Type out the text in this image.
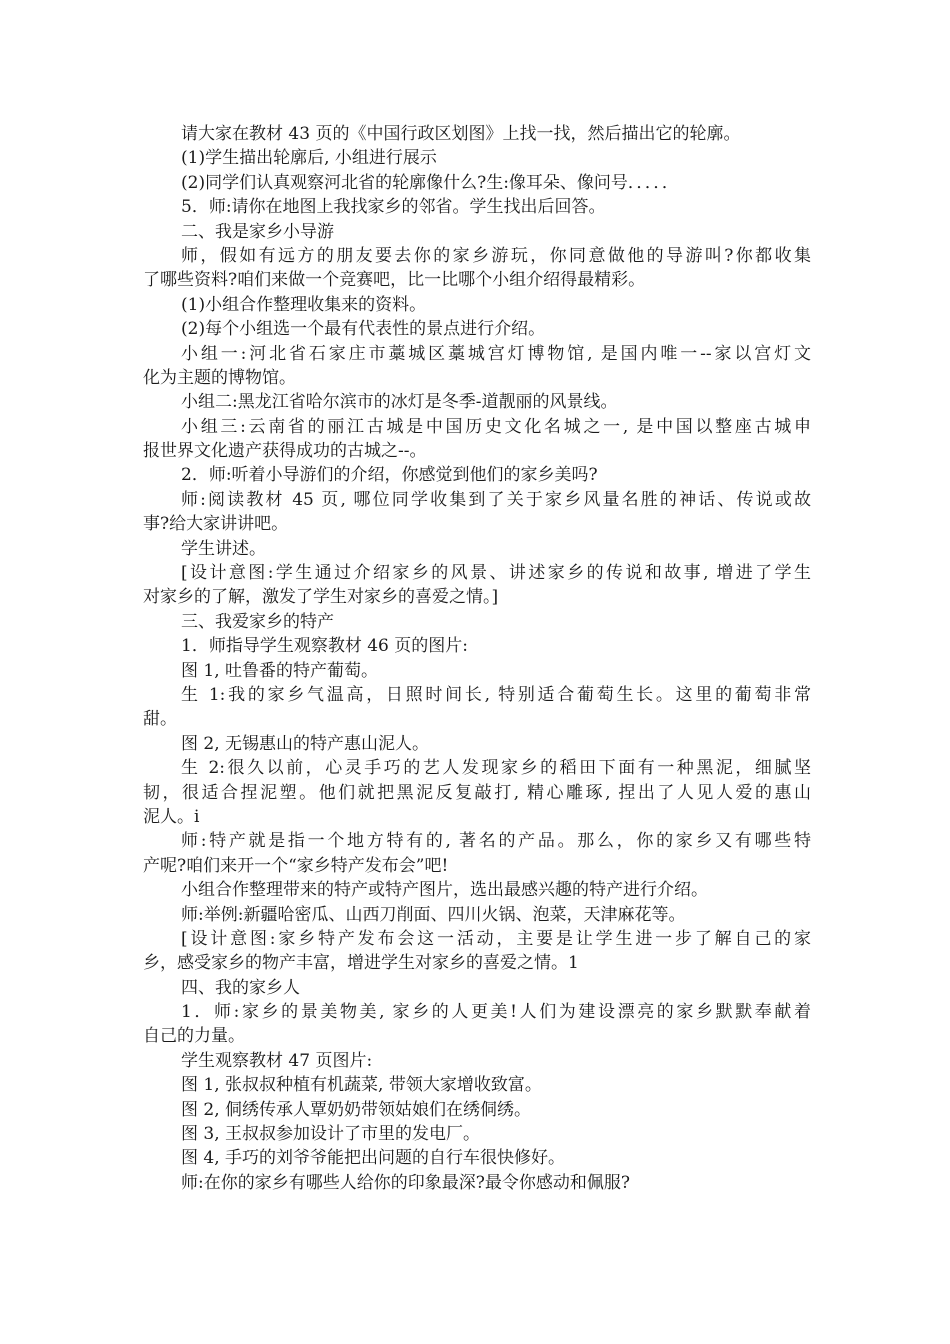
请大家在教材 43 页的《中国行政区划图》上找一找，然后描出它的轮廓。
(1)学生描出轮廓后, 小组进行展示
(2)同学们认真观察河北省的轮廓像什么?生:像耳朵、像问号．．．．．
5．师:请你在地图上我找家乡的邻省。学生找出后回答。
二、我是家乡小导游
师，假如有远方的朋友要去你的家乡游玩，你同意做他的导游叫?你都收集
了哪些资料?咱们来做一个竞赛吧，比一比哪个小组介绍得最精彩。
(1)小组合作整理收集来的资料。
(2)每个小组选一个最有代表性的景点进行介绍。
小组一:河北省石家庄市藁城区藁城宫灯博物馆, 是国内唯一--家以宫灯文
化为主题的博物馆。
小组二:黑龙江省哈尔滨市的冰灯是冬季-道靓丽的风景线。
小组三:云南省的丽江古城是中国历史文化名城之一, 是中国以整座古城申
报世界文化遗产获得成功的古城之--。
2．师:听着小导游们的介绍，你感觉到他们的家乡美吗?
师:阅读教材 45 页, 哪位同学收集到了关于家乡风量名胜的神话、传说或故
事?给大家讲讲吧。
学生讲述。
[设计意图:学生通过介绍家乡的风景、讲述家乡的传说和故事, 增进了学生
对家乡的了解，激发了学生对家乡的喜爱之情。]
三、我爱家乡的特产
1．师指导学生观察教材 46 页的图片:
图 1, 吐鲁番的特产葡萄。
生 1:我的家乡气温高，日照时间长, 特别适合葡萄生长。这里的葡萄非常
甜。
图 2, 无锡惠山的特产惠山泥人。
生 2:很久以前，心灵手巧的艺人发现家乡的稻田下面有一种黑泥，细腻坚
韧，很适合捏泥塑。他们就把黑泥反复敲打, 精心雕琢, 捏出了人见人爱的惠山
泥人。i
师:特产就是指一个地方特有的, 著名的产品。那么，你的家乡又有哪些特
产呢?咱们来开一个“家乡特产发布会”吧!
小组合作整理带来的特产或特产图片，选出最感兴趣的特产进行介绍。
师:举例:新疆哈密瓜、山西刀削面、四川火锅、泡菜，天津麻花等。
[设计意图:家乡特产发布会这一活动，主要是让学生进一步了解自己的家
乡，感受家乡的物产丰富，增进学生对家乡的喜爱之情。1
四、我的家乡人
1．师:家乡的景美物美, 家乡的人更美!人们为建设漂亮的家乡默默奉献着
自己的力量。
学生观察教材 47 页图片:
图 1, 张叔叔种植有机蔬菜, 带领大家增收致富。
图 2, 侗绣传承人覃奶奶带领姑娘们在绣侗绣。
图 3, 王叔叔参加设计了市里的发电厂。
图 4, 手巧的刘爷爷能把出问题的自行车很快修好。
师:在你的家乡有哪些人给你的印象最深?最令你感动和佩服?
